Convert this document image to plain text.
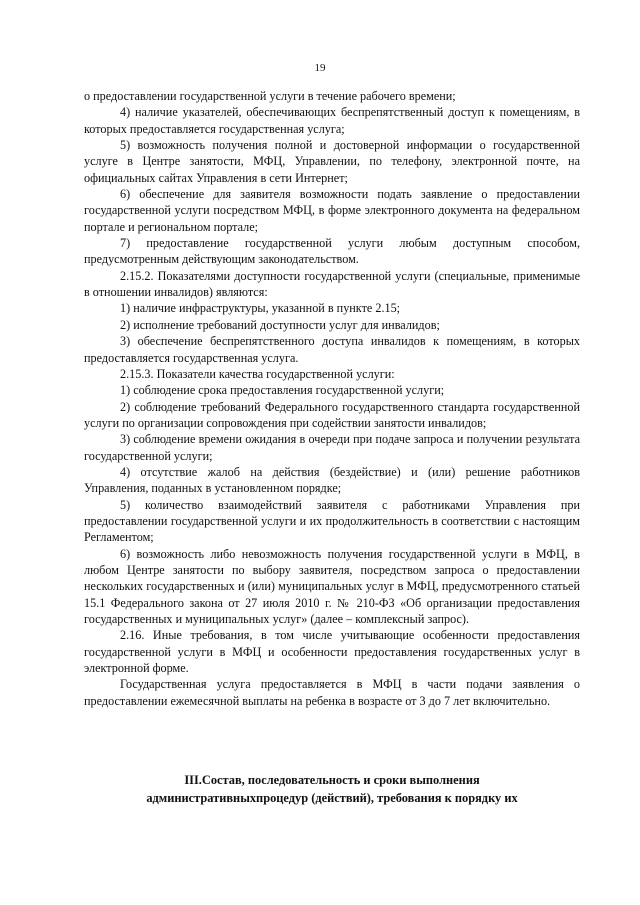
19

о предоставлении государственной услуги в течение рабочего времени;

4) наличие указателей, обеспечивающих беспрепятственный доступ к помещениям, в которых предоставляется государственная услуга;

5) возможность получения полной и достоверной информации о государственной услуге в Центре занятости, МФЦ, Управлении, по телефону, электронной почте, на официальных сайтах Управления в сети Интернет;

6) обеспечение для заявителя возможности подать заявление о предоставлении государственной услуги посредством МФЦ, в форме электронного документа на федеральном портале и региональном портале;

7) предоставление государственной услуги любым доступным способом, предусмотренным действующим законодательством.

2.15.2. Показателями доступности государственной услуги (специальные, применимые в отношении инвалидов) являются:

1) наличие инфраструктуры, указанной в пункте 2.15;

2) исполнение требований доступности услуг для инвалидов;

3) обеспечение беспрепятственного доступа инвалидов к помещениям, в которых предоставляется государственная услуга.

2.15.3. Показатели качества государственной услуги:

1) соблюдение срока предоставления государственной услуги;

2) соблюдение требований Федерального государственного стандарта государственной услуги по организации сопровождения при содействии занятости инвалидов;

3) соблюдение времени ожидания в очереди при подаче запроса и получении результата государственной услуги;

4) отсутствие жалоб на действия (бездействие) и (или) решение работников Управления, поданных в установленном порядке;

5) количество взаимодействий заявителя с работниками Управления при предоставлении государственной услуги и их продолжительность в соответствии с настоящим Регламентом;

6) возможность либо невозможность получения государственной услуги в МФЦ, в любом Центре занятости по выбору заявителя, посредством запроса о предоставлении нескольких государственных и (или) муниципальных услуг в МФЦ, предусмотренного статьей 15.1 Федерального закона от 27 июля 2010 г. № 210-ФЗ «Об организации предоставления государственных и муниципальных услуг» (далее – комплексный запрос).

2.16. Иные требования, в том числе учитывающие особенности предоставления государственной услуги в МФЦ и особенности предоставления государственных услуг в электронной форме.

Государственная услуга предоставляется в МФЦ в части подачи заявления о предоставлении ежемесячной выплаты на ребенка в возрасте от 3 до 7 лет включительно.

III.Состав, последовательность и сроки выполнения
административныхпроцедур (действий), требования к порядку их
